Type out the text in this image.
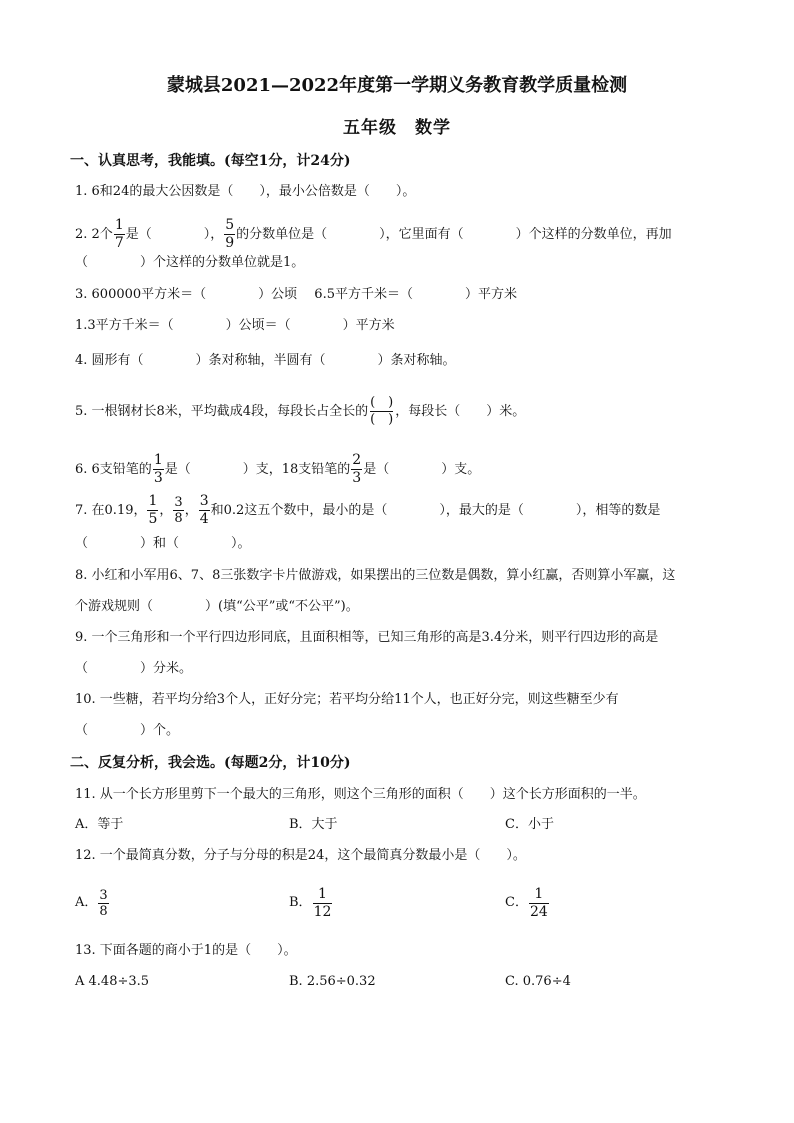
蒙城县2021—2022年度第一学期义务教育教学质量检测
五年级　数学
一、认真思考，我能填。(每空1分，计24分)
1. 6和24的最大公因数是（　　），最小公倍数是（　　）。
2. 2个 $\frac{1}{7}$ 是（　　　　）， $\frac{5}{9}$ 的分数单位是（　　　　），它里面有（　　　　）个这样的分数单位，再加
（　　　　）个这样的分数单位就是1。
3. 600000平方米＝（　　　　）公顷　 6.5平方千米＝（　　　　）平方米
1.3平方千米＝（　　　　）公顷＝（　　　　）平方米
4. 圆形有（　　　　）条对称轴，半圆有（　　　　）条对称轴。
5. 一根钢材长8米，平均截成4段，每段长占全长的
(　)
(　)
，每段长（　　）米。
6. 6支铅笔的 $\frac{1}{3}$ 是（　　　　）支，18支铅笔的 $\frac{2}{3}$ 是（　　　　）支。
7. 在0.19， $\frac{1}{5}$ ， $\frac{3}{8}$ ， $\frac{3}{4}$ 和0.2这五个数中，最小的是（　　　　），最大的是（　　　　），相等的数是
（　　　　）和（　　　　）。
8. 小红和小军用6、7、8三张数字卡片做游戏，如果摆出的三位数是偶数，算小红赢，否则算小军赢，这
个游戏规则（　　　　）(填“公平”或“不公平”)。
9. 一个三角形和一个平行四边形同底，且面积相等，已知三角形的高是3.4分米，则平行四边形的高是
（　　　　）分米。
10. 一些糖，若平均分给3个人，正好分完；若平均分给11个人，也正好分完，则这些糖至少有
（　　　　）个。
二、反复分析，我会选。(每题2分，计10分)
11. 从一个长方形里剪下一个最大的三角形，则这个三角形的面积（　　）这个长方形面积的一半。
A．等于	B．大于	C．小于
12. 一个最简真分数，分子与分母的积是24，这个最简真分数最小是（　　）。
A． $\frac{3}{8}$	B． $\frac{1}{12}$	C． $\frac{1}{24}$
13. 下面各题的商小于1的是（　　）。
A 4.48÷3.5	B. 2.56÷0.32	C. 0.76÷4
